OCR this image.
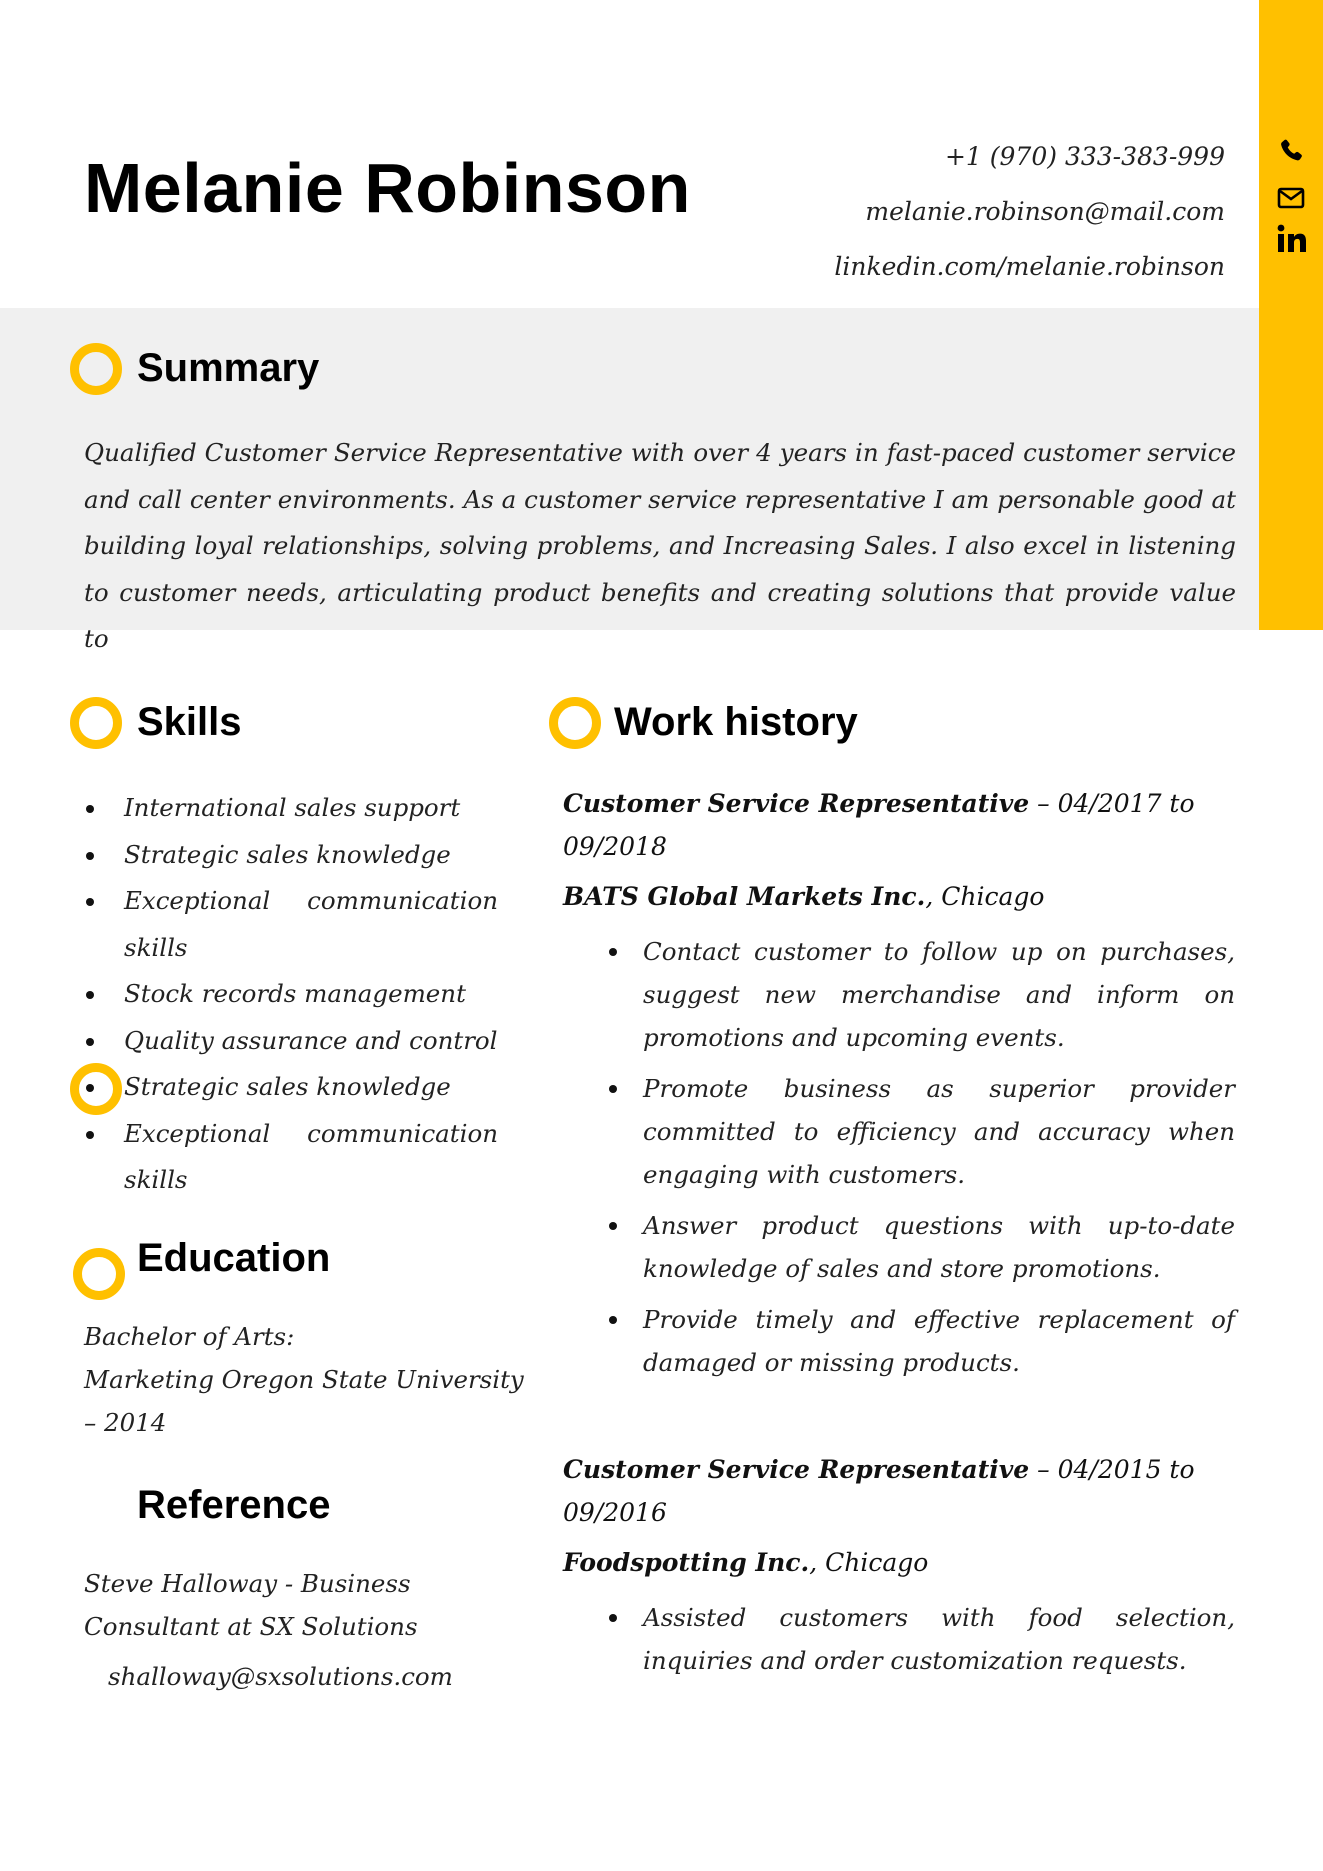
Melanie Robinson	+1 (970) 333-383-999
melanie.robinson@mail.com
linkedin.com/melanie.robinson
Summary
Qualified Customer Service Representative with over 4 years in fast-paced customer service and call center environments. As a customer service representative I am personable good at building loyal relationships, solving problems, and Increasing Sales. I also excel in listening to customer needs, articulating product benefits and creating solutions that provide value to
Skills
International sales support
Strategic sales knowledge
Exceptional communication skills
Stock records management
Quality assurance and control
Strategic sales knowledge
Exceptional communication skills
Education
Bachelor of Arts:
Marketing Oregon State University
– 2014
Reference
Steve Halloway - Business
Consultant at SX Solutions
shalloway@sxsolutions.com
Work history
Customer Service Representative – 04/2017 to 09/2018
BATS Global Markets Inc., Chicago
Contact customer to follow up on purchases, suggest new merchandise and inform on promotions and upcoming events.
Promote business as superior provider committed to efficiency and accuracy when engaging with customers.
Answer product questions with up-to-date knowledge of sales and store promotions.
Provide timely and effective replacement of damaged or missing products.
Customer Service Representative – 04/2015 to 09/2016
Foodspotting Inc., Chicago
Assisted customers with food selection, inquiries and order customization requests.
